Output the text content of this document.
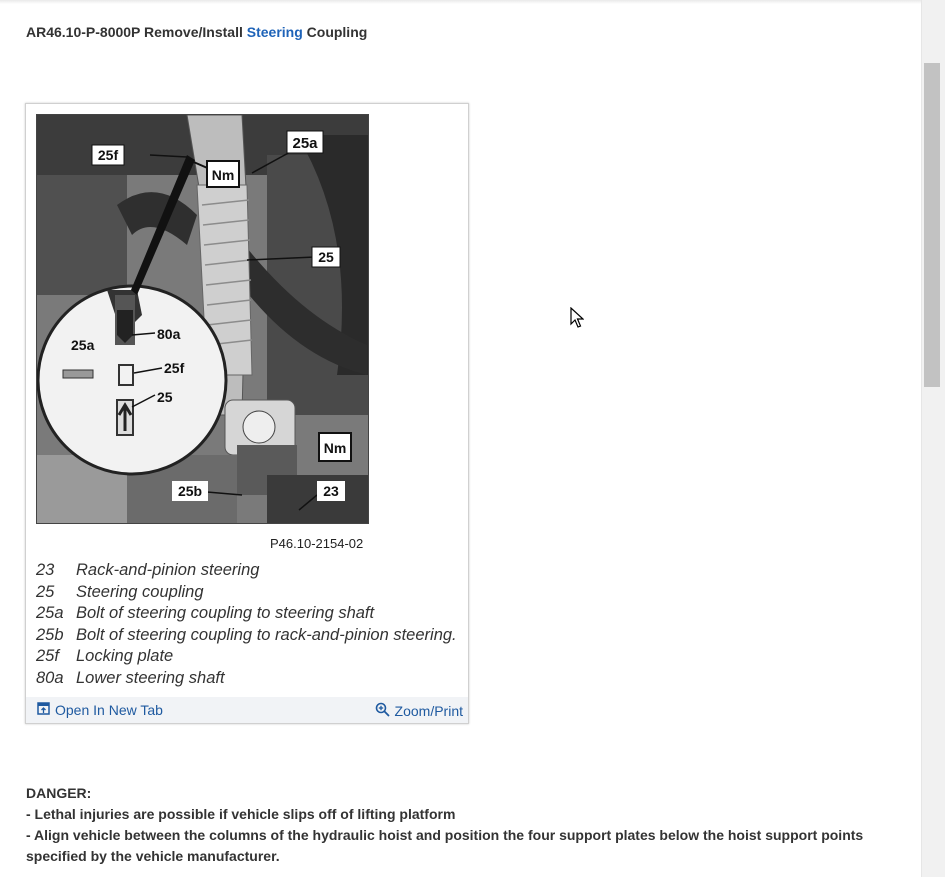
AR46.10-P-8000P Remove/Install Steering Coupling
25f
25a
Nm
25
80a
25a
25f
25
Nm
25b	23
P46.10-2154-02
23 Rack-and-pinion steering
25 Steering coupling
25a Bolt of steering coupling to steering shaft
25b Bolt of steering coupling to rack-and-pinion steering.
25f Locking plate
80a Lower steering shaft
Open In New Tab	Zoom/Print

DANGER:

- Lethal injuries are possible if vehicle slips off of lifting platform

- Align vehicle between the columns of the hydraulic hoist and position the four support plates below the hoist support points specified by the vehicle manufacturer.
